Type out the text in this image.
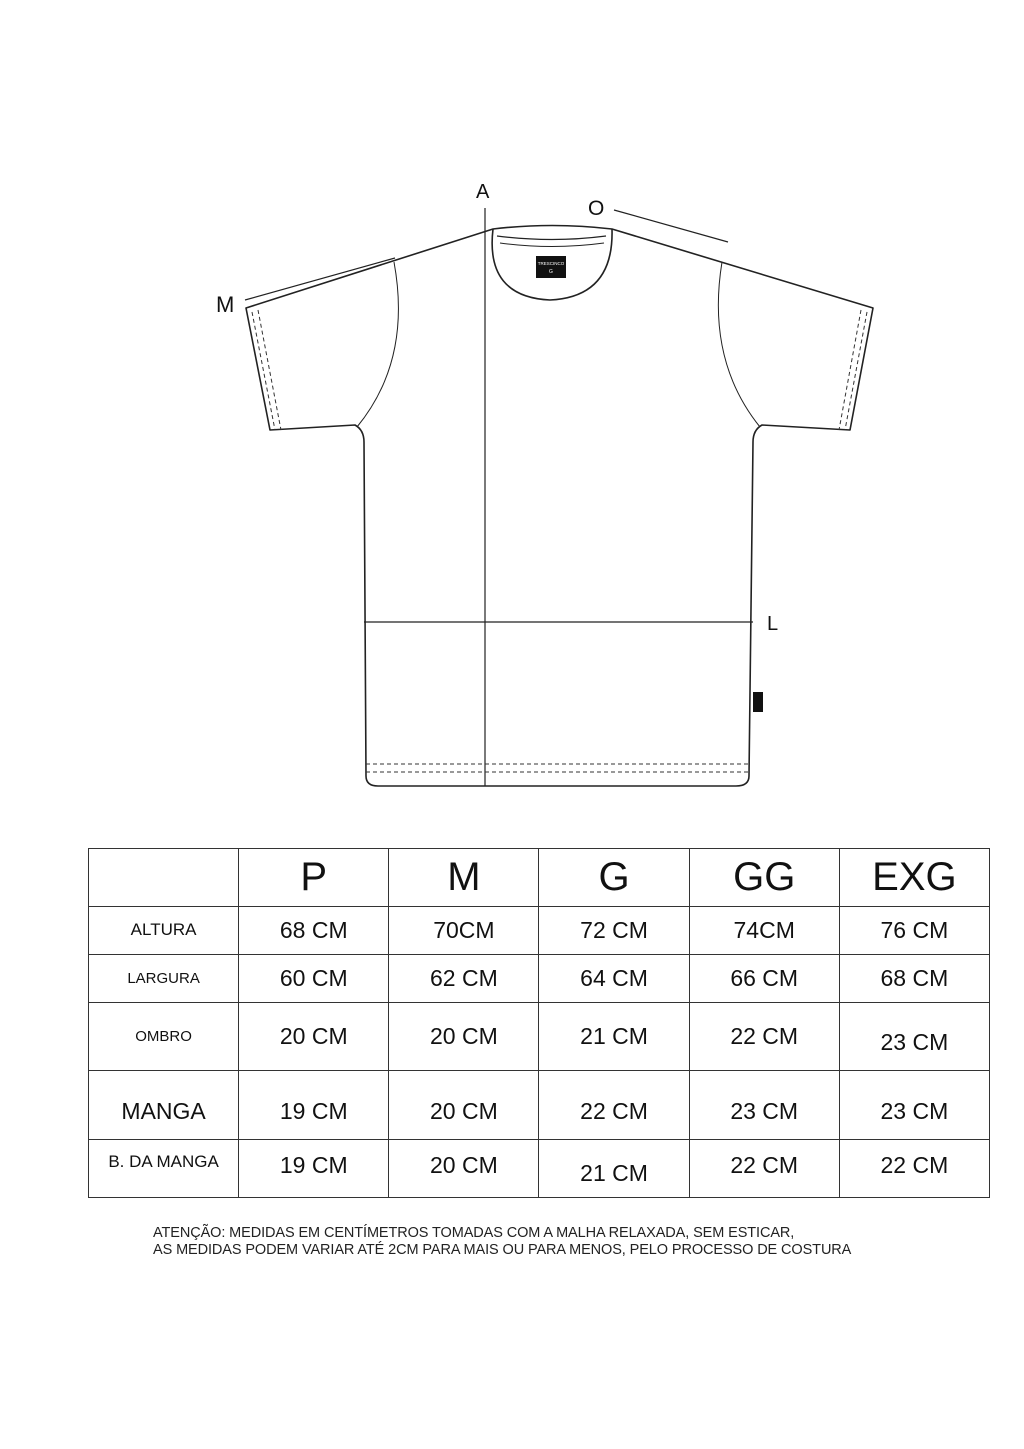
TRESCINCO
G
A
O
M
L
	P	M	G	GG	EXG
ALTURA	68 CM	70CM	72 CM	74CM	76 CM
LARGURA	60 CM	62 CM	64 CM	66 CM	68 CM
OMBRO	20 CM	20 CM	21 CM	22 CM	23 CM
MANGA	19 CM	20 CM	22 CM	23 CM	23 CM
B. DA MANGA	19 CM	20 CM	21 CM	22 CM	22 CM
ATENÇÃO: MEDIDAS EM CENTÍMETROS TOMADAS COM A MALHA RELAXADA, SEM ESTICAR,
AS MEDIDAS PODEM VARIAR ATÉ 2CM PARA MAIS OU PARA MENOS, PELO PROCESSO DE COSTURA
